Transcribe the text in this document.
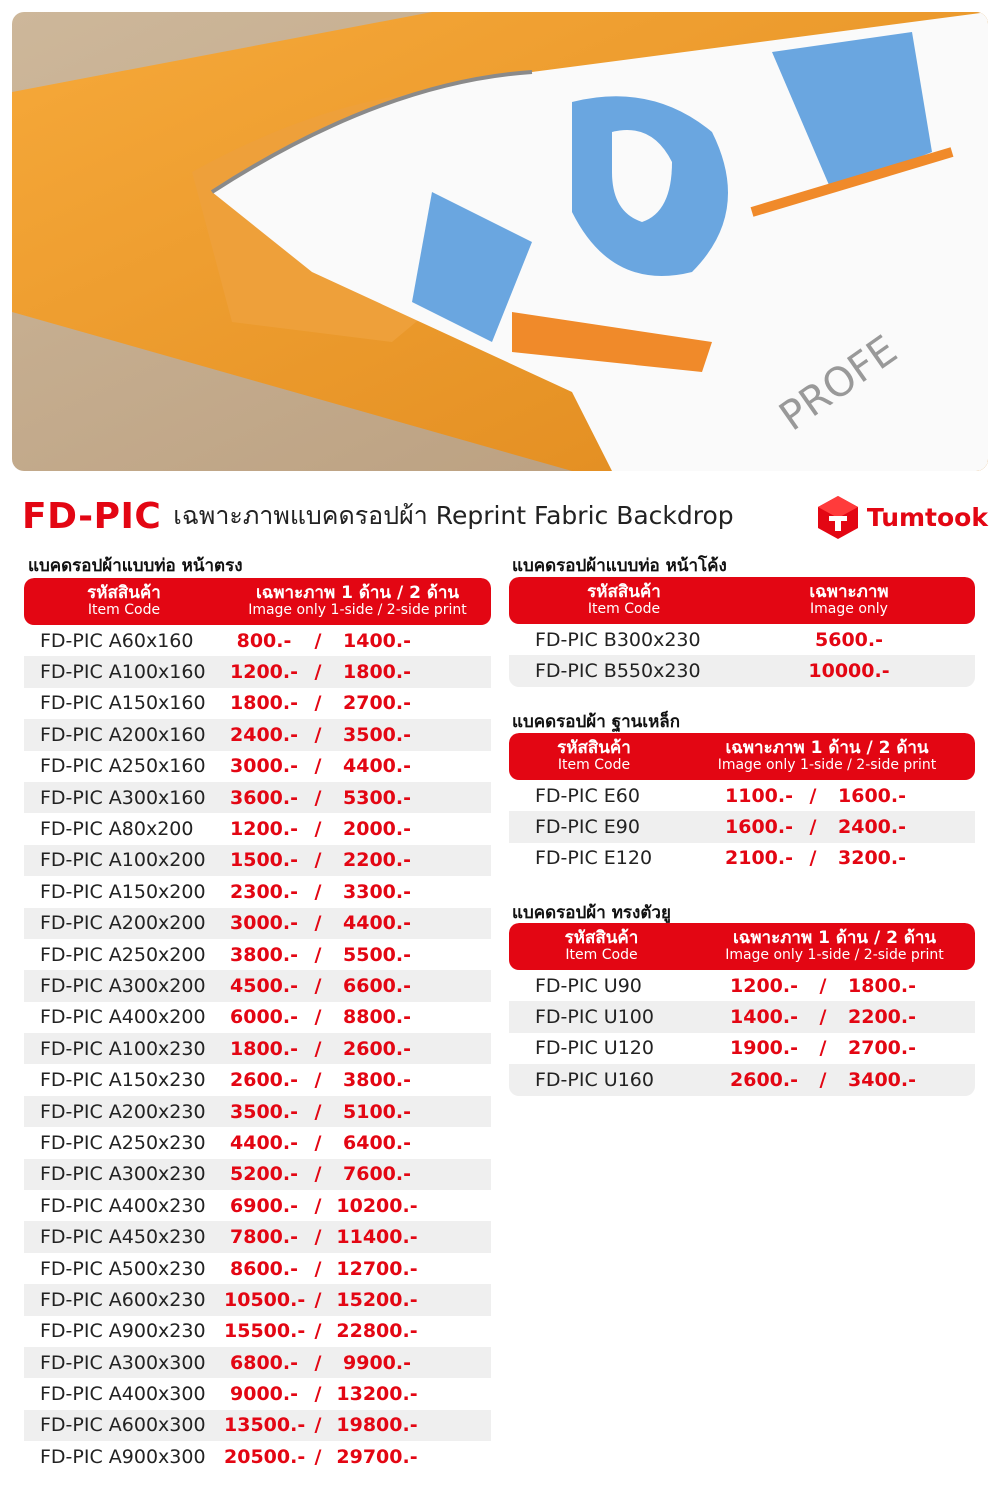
PROFE
FD-PIC เฉพาะภาพแบคดรอปผ้า Reprint Fabric Backdrop	Tumtook
แบคดรอปผ้าแบบท่อ หน้าตรง
รหัสสินค้า
Item Code
เฉพาะภาพ 1 ด้าน / 2 ด้าน
Image only 1-side / 2-side print
FD-PIC A60x160	800.-	/	1400.-
FD-PIC A100x160	1200.- /	1800.-
FD-PIC A150x160	1800.- /	2700.-
FD-PIC A200x160	2400.- /	3500.-
FD-PIC A250x160	3000.- /	4400.-
FD-PIC A300x160	3600.- /	5300.-
FD-PIC A80x200	1200.- /	2000.-
FD-PIC A100x200	1500.- /	2200.-
FD-PIC A150x200	2300.- /	3300.-
FD-PIC A200x200	3000.- /	4400.-
FD-PIC A250x200	3800.- /	5500.-
FD-PIC A300x200	4500.- /	6600.-
FD-PIC A400x200	6000.- /	8800.-
FD-PIC A100x230	1800.- /	2600.-
FD-PIC A150x230	2600.- /	3800.-
FD-PIC A200x230	3500.- /	5100.-
FD-PIC A250x230	4400.- /	6400.-
FD-PIC A300x230	5200.- /	7600.-
FD-PIC A400x230	6900.- / 10200.-
FD-PIC A450x230	7800.- / 11400.-
FD-PIC A500x230	8600.- / 12700.-
FD-PIC A600x230 10500.- / 15200.-
FD-PIC A900x230 15500.- / 22800.-
FD-PIC A300x300	6800.- /	9900.-
FD-PIC A400x300	9000.- / 13200.-
FD-PIC A600x300 13500.- / 19800.-
FD-PIC A900x300 20500.- / 29700.-
แบคดรอปผ้าแบบท่อ หน้าโค้ง
รหัสสินค้า
Item Code
เฉพาะภาพ
Image only
FD-PIC B300x230	5600.-
FD-PIC B550x230	10000.-
แบคดรอปผ้า ฐานเหล็ก
รหัสสินค้า
Item Code
เฉพาะภาพ 1 ด้าน / 2 ด้าน
Image only 1-side / 2-side print
FD-PIC E60	1100.- /	1600.-
FD-PIC E90	1600.- /	2400.-
FD-PIC E120	2100.- /	3200.-
แบคดรอปผ้า ทรงตัวยู
รหัสสินค้า
Item Code
เฉพาะภาพ 1 ด้าน / 2 ด้าน
Image only 1-side / 2-side print
FD-PIC U90	1200.-	/	1800.-
FD-PIC U100	1400.-	/	2200.-
FD-PIC U120	1900.-	/	2700.-
FD-PIC U160	2600.-	/	3400.-
